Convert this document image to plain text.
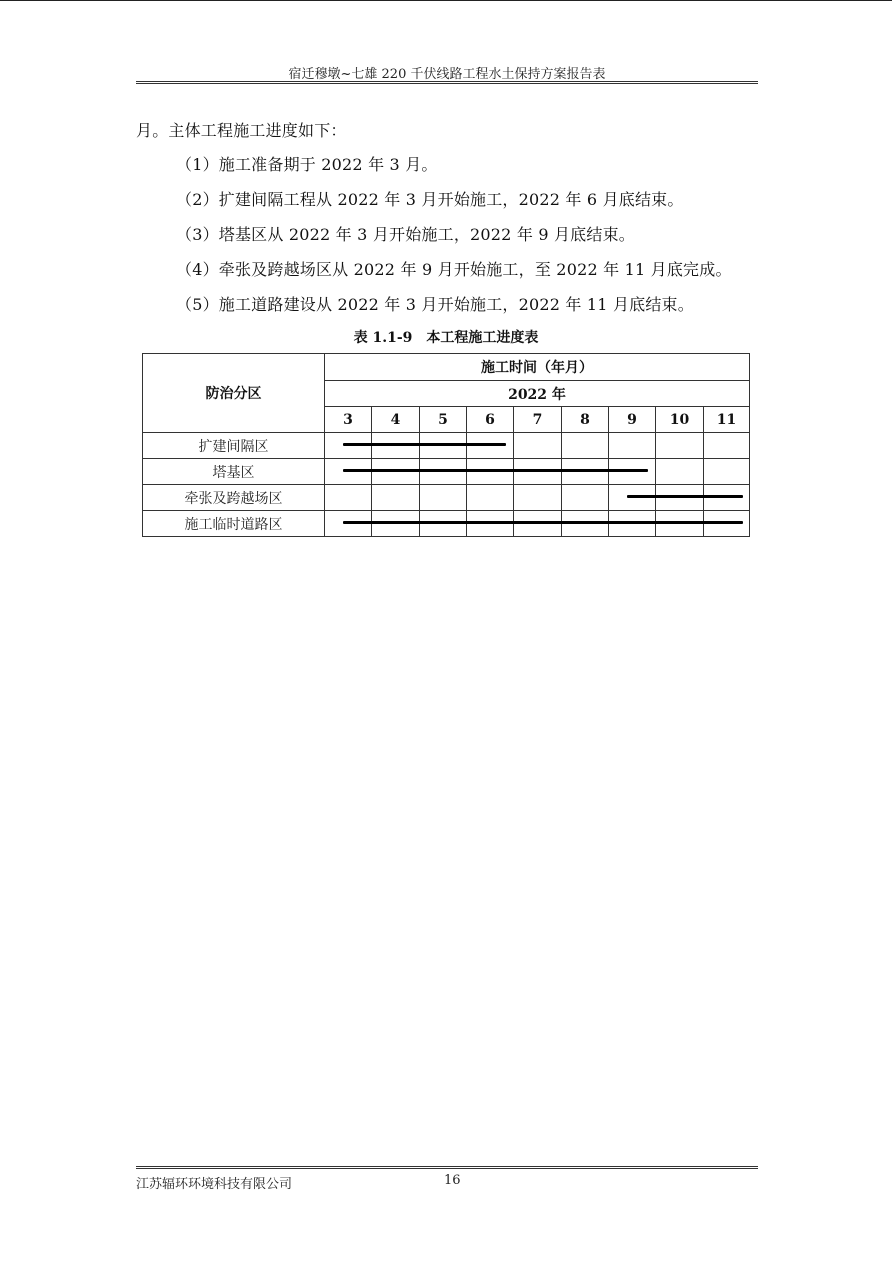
宿迁穆墩~七雄 220 千伏线路工程水土保持方案报告表
月。主体工程施工进度如下：
（1）施工准备期于 2022 年 3 月。
（2）扩建间隔工程从 2022 年 3 月开始施工，2022 年 6 月底结束。
（3）塔基区从 2022 年 3 月开始施工，2022 年 9 月底结束。
（4）牵张及跨越场区从 2022 年 9 月开始施工，至 2022 年 11 月底完成。
（5）施工道路建设从 2022 年 3 月开始施工，2022 年 11 月底结束。
表 1.1-9　本工程施工进度表
防治分区	施工时间（年月）								
	2022 年								
	3	4	5	6	7	8	9	10	11
扩建间隔区									
塔基区									
牵张及跨越场区									
施工临时道路区									
江苏辐环环境科技有限公司	16
